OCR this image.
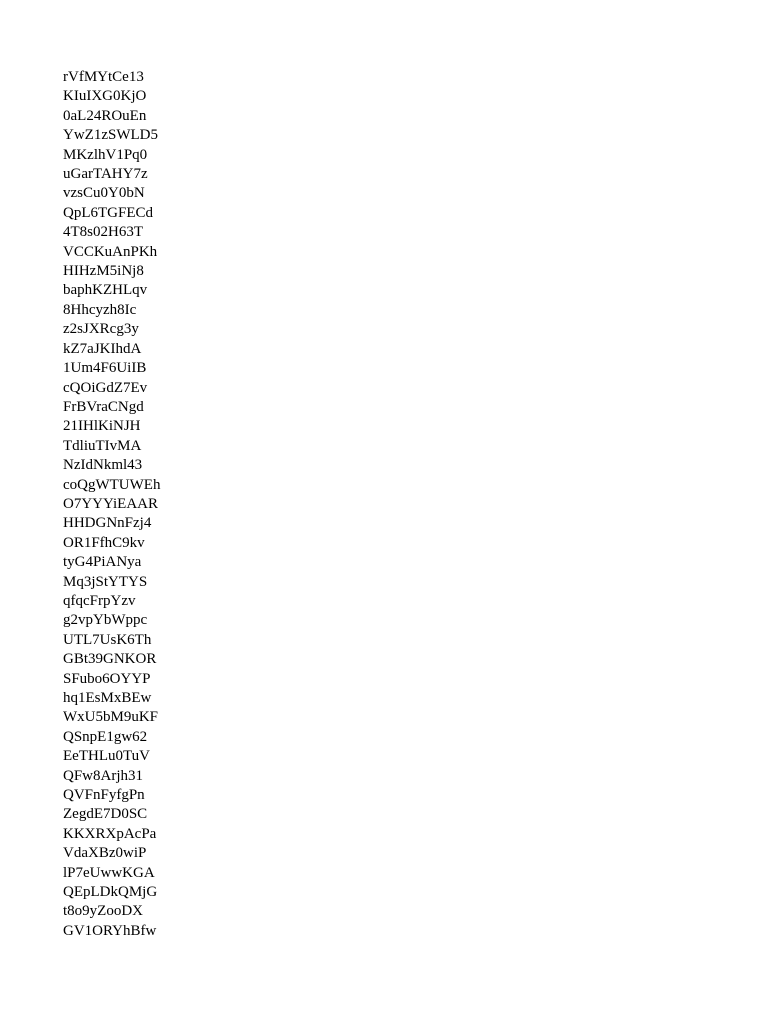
rVfMYtCe13
KIuIXG0KjO
0aL24ROuEn
YwZ1zSWLD5
MKzlhV1Pq0
uGarTAHY7z
vzsCu0Y0bN
QpL6TGFECd
4T8s02H63T
VCCKuAnPKh
HIHzM5iNj8
baphKZHLqv
8Hhcyzh8Ic
z2sJXRcg3y
kZ7aJKIhdA
1Um4F6UiIB
cQOiGdZ7Ev
FrBVraCNgd
21IHlKiNJH
TdliuTIvMA
NzIdNkml43
coQgWTUWEh
O7YYYiEAAR
HHDGNnFzj4
OR1FfhC9kv
tyG4PiANya
Mq3jStYTYS
qfqcFrpYzv
g2vpYbWppc
UTL7UsK6Th
GBt39GNKOR
SFubo6OYYP
hq1EsMxBEw
WxU5bM9uKF
QSnpE1gw62
EeTHLu0TuV
QFw8Arjh31
QVFnFyfgPn
ZegdE7D0SC
KKXRXpAcPa
VdaXBz0wiP
lP7eUwwKGA
QEpLDkQMjG
t8o9yZooDX
GV1ORYhBfw
